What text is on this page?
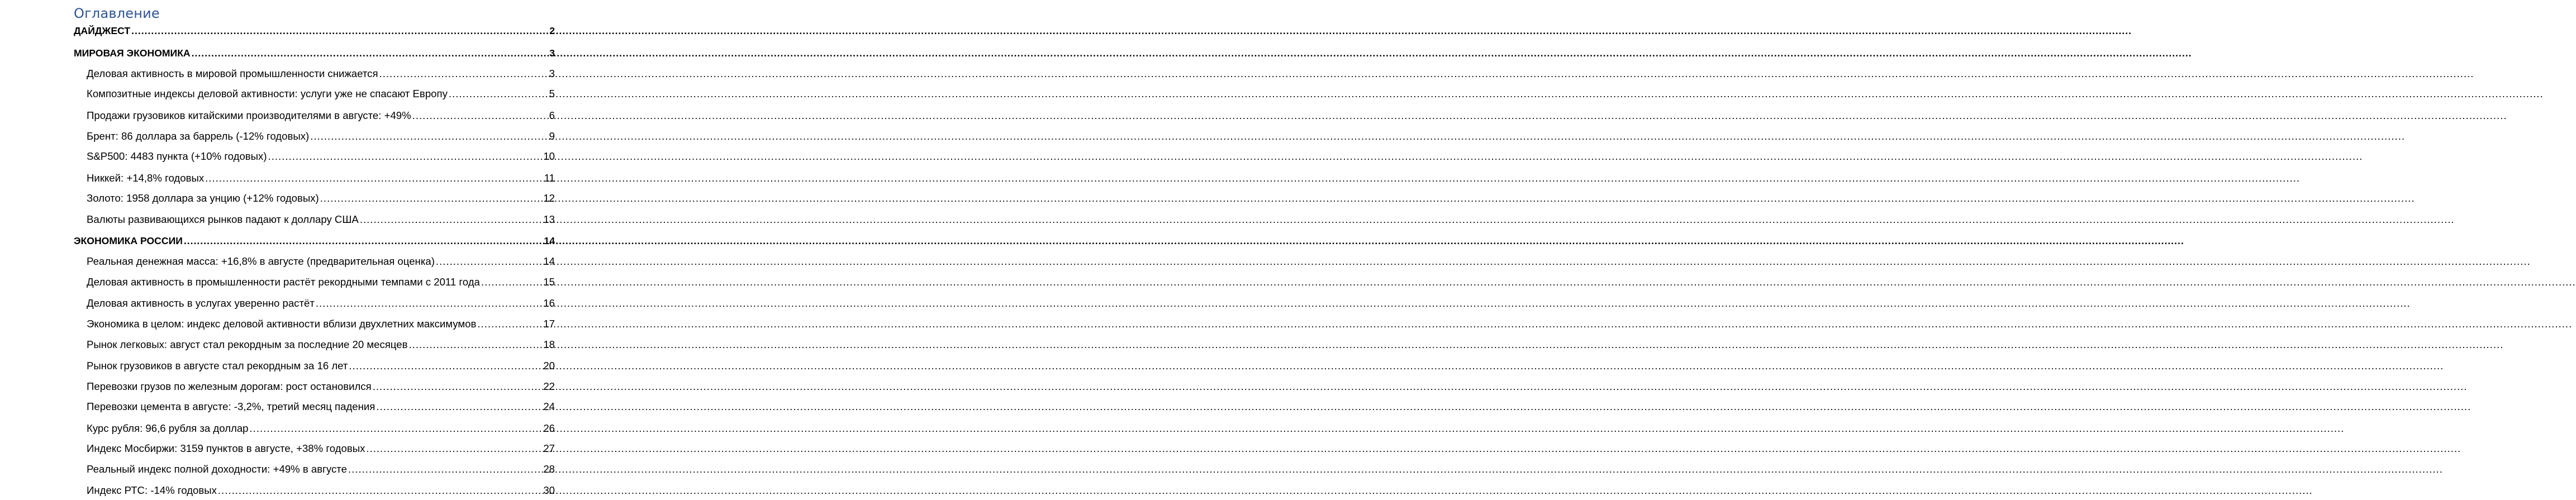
Оглавление
ДАЙДЖЕСТ .....	2
МИРОВАЯ ЭКОНОМИКА .....	3
Деловая активность в мировой промышленности снижается .....	3
Композитные индексы деловой активности: услуги уже не спасают Европу .....	5
Продажи грузовиков китайскими производителями в августе: +49% .....	6
Брент: 86 доллара за баррель (-12% годовых) .....	9
S&P500: 4483 пункта (+10% годовых) .....	10
Никкей: +14,8% годовых .....	11
Золото: 1958 доллара за унцию (+12% годовых) .....	12
Валюты развивающихся рынков падают к доллару США .....	13
ЭКОНОМИКА РОССИИ .....	14
Реальная денежная масса: +16,8% в августе (предварительная оценка) .....	14
Деловая активность в промышленности растёт рекордными темпами с 2011 года .....	15
Деловая активность в услугах уверенно растёт .....	16
Экономика в целом: индекс деловой активности вблизи двухлетних максимумов .....	17
Рынок легковых: август стал рекордным за последние 20 месяцев .....	18
Рынок грузовиков в августе стал рекордным за 16 лет .....	20
Перевозки грузов по железным дорогам: рост остановился .....	22
Перевозки цемента в августе: -3,2%, третий месяц падения .....	24
Курс рубля: 96,6 рубля за доллар .....	26
Индекс Мосбиржи: 3159 пунктов в августе, +38% годовых .....	27
Реальный индекс полной доходности: +49% в августе .....	28
Индекс РТС: -14% годовых .....	30
